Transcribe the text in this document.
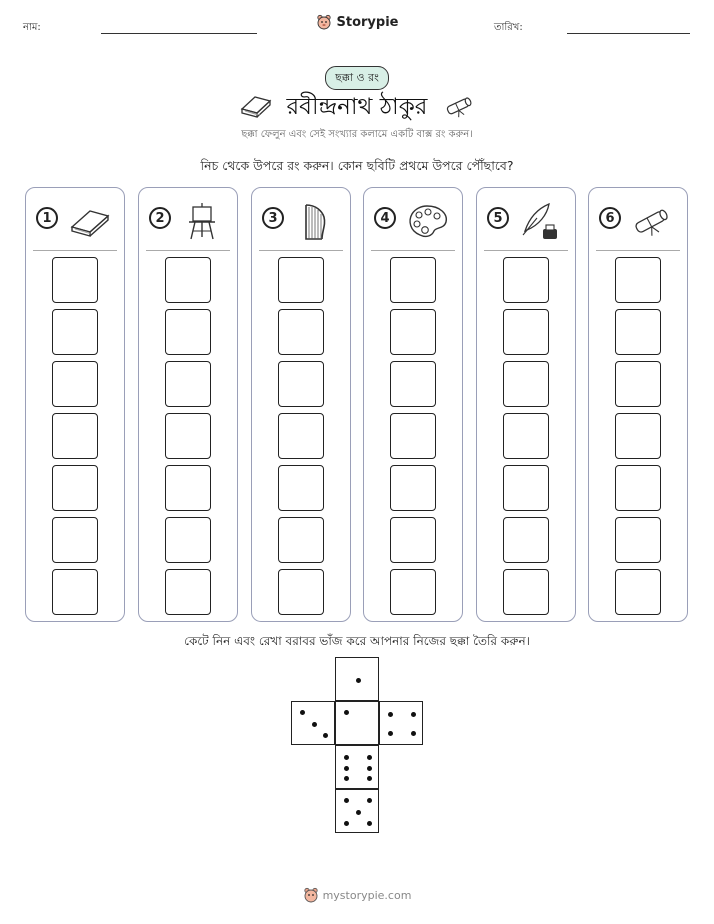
নাম:	Storypie	তারিখ:
ছক্কা ও রং
রবীন্দ্রনাথ ঠাকুর
ছক্কা ফেলুন এবং সেই সংখ্যার কলামে একটি বাক্স রং করুন।
নিচ থেকে উপরে রং করুন। কোন ছবিটি প্রথমে উপরে পৌঁছাবে?
1	2	3	4	5	6
কেটে নিন এবং রেখা বরাবর ভাঁজ করে আপনার নিজের ছক্কা তৈরি করুন।
mystorypie.com
